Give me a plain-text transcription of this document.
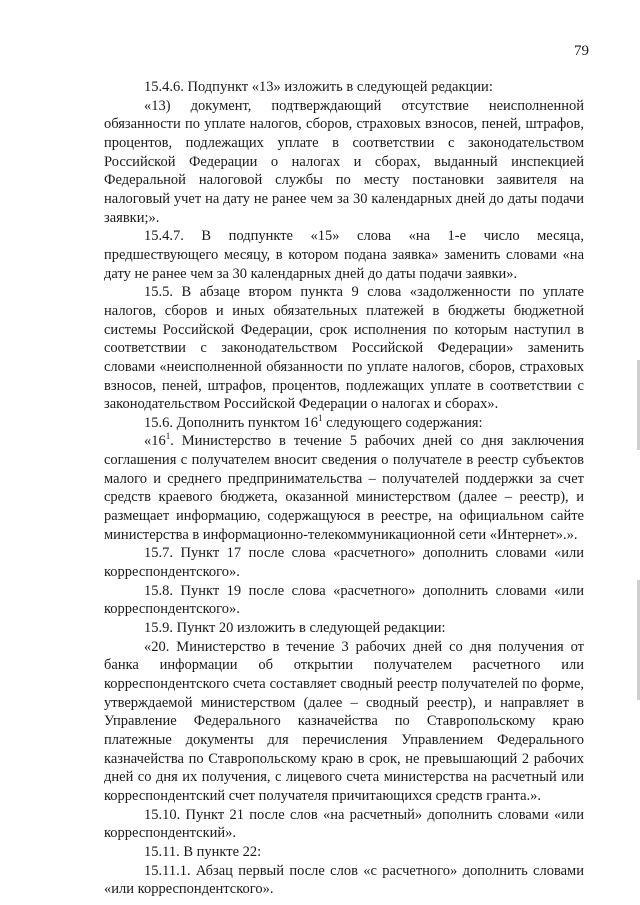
79

15.4.6. Подпункт «13» изложить в следующей редакции:

«13) документ, подтверждающий отсутствие неисполненной обязанности по уплате налогов, сборов, страховых взносов, пеней, штрафов, процентов, подлежащих уплате в соответствии с законодательством Российской Федерации о налогах и сборах, выданный инспекцией Федеральной налоговой службы по месту постановки заявителя на налоговый учет на дату не ранее чем за 30 календарных дней до даты подачи заявки;».

15.4.7. В подпункте «15» слова «на 1-е число месяца, предшествующего месяцу, в котором подана заявка» заменить словами «на дату не ранее чем за 30 календарных дней до даты подачи заявки».

15.5. В абзаце втором пункта 9 слова «задолженности по уплате налогов, сборов и иных обязательных платежей в бюджеты бюджетной системы Российской Федерации, срок исполнения по которым наступил в соответствии с законодательством Российской Федерации» заменить словами «неисполненной обязанности по уплате налогов, сборов, страховых взносов, пеней, штрафов, процентов, подлежащих уплате в соответствии с законодательством Российской Федерации о налогах и сборах».

15.6. Дополнить пунктом $16^1$ следующего содержания:

«$16^1$. Министерство в течение 5 рабочих дней со дня заключения соглашения с получателем вносит сведения о получателе в реестр субъектов малого и среднего предпринимательства – получателей поддержки за счет средств краевого бюджета, оказанной министерством (далее – реестр), и размещает информацию, содержащуюся в реестре, на официальном сайте министерства в информационно-телекоммуникационной сети «Интернет».».

15.7. Пункт 17 после слова «расчетного» дополнить словами «или корреспондентского».

15.8. Пункт 19 после слова «расчетного» дополнить словами «или корреспондентского».

15.9. Пункт 20 изложить в следующей редакции:

«20. Министерство в течение 3 рабочих дней со дня получения от банка информации об открытии получателем расчетного или корреспондентского счета составляет сводный реестр получателей по форме, утверждаемой министерством (далее – сводный реестр), и направляет в Управление Федерального казначейства по Ставропольскому краю платежные документы для перечисления Управлением Федерального казначейства по Ставропольскому краю в срок, не превышающий 2 рабочих дней со дня их получения, с лицевого счета министерства на расчетный или корреспондентский счет получателя причитающихся средств гранта.».

15.10. Пункт 21 после слов «на расчетный» дополнить словами «или корреспондентский».

15.11. В пункте 22:

15.11.1. Абзац первый после слов «с расчетного» дополнить словами «или корреспондентского».
